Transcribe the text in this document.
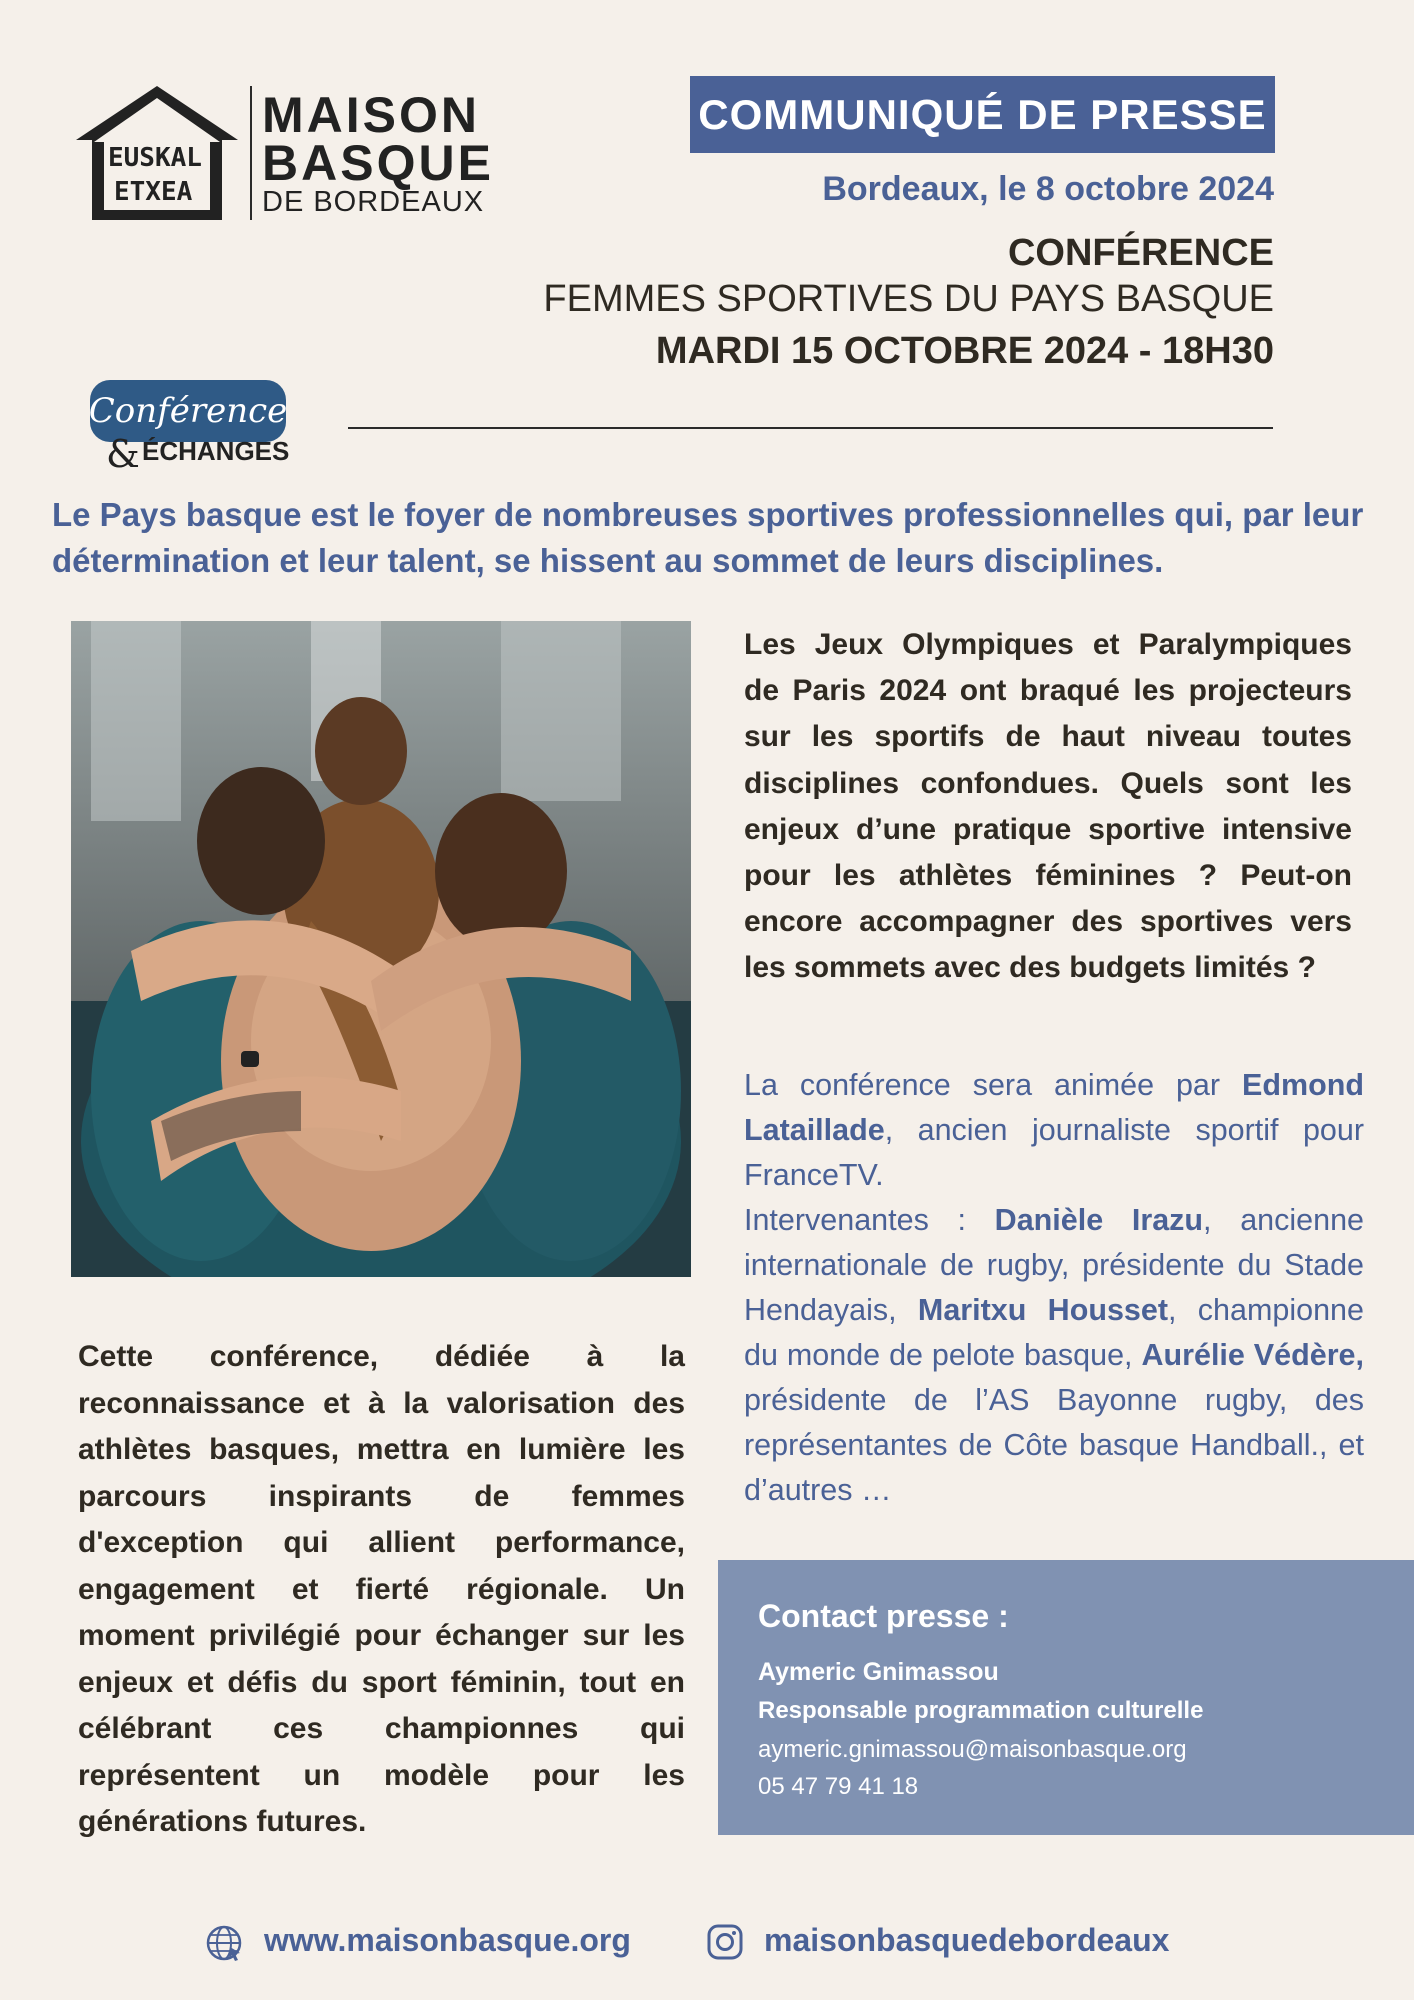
EUSKAL
ETXEA
MAISON
BASQUE
DE BORDEAUX
COMMUNIQUÉ DE PRESSE
Bordeaux, le 8 octobre 2024
CONFÉRENCE
FEMMES SPORTIVES DU PAYS BASQUE
MARDI 15 OCTOBRE 2024 - 18H30
Conférence
& ÉCHANGES
Le Pays basque est le foyer de nombreuses sportives professionnelles qui, par leur détermination et leur talent, se hissent au sommet de leurs disciplines.
Les Jeux Olympiques et Paralympiques de Paris 2024 ont braqué les projecteurs sur les sportifs de haut niveau toutes disciplines confondues. Quels sont les enjeux d’une pratique sportive intensive pour les athlètes féminines ? Peut-on encore accompagner des sportives vers les sommets avec des budgets limités ?
La conférence sera animée par Edmond Lataillade, ancien journaliste sportif pour FranceTV.
Intervenantes : Danièle Irazu, ancienne internationale de rugby, présidente du Stade Hendayais, Maritxu Housset, championne du monde de pelote basque, Aurélie Védère, présidente de l’AS Bayonne rugby, des représentantes de Côte basque Handball., et d’autres …
Cette conférence, dédiée à la reconnaissance et à la valorisation des athlètes basques, mettra en lumière les parcours inspirants de femmes d'exception qui allient performance, engagement et fierté régionale. Un moment privilégié pour échanger sur les enjeux et défis du sport féminin, tout en célébrant ces championnes qui représentent un modèle pour les générations futures.
Contact presse :
Aymeric Gnimassou
Responsable programmation culturelle
aymeric.gnimassou@maisonbasque.org
05 47 79 41 18
www.maisonbasque.org	maisonbasquedebordeaux
